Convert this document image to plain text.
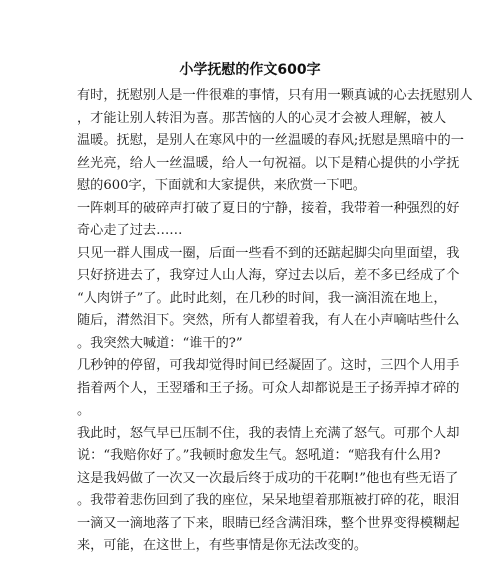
小学抚慰的作文600字
有时，抚慰别人是一件很难的事情，只有用一颗真诚的心去抚慰别人
，才能让别人转泪为喜。那苦恼的人的心灵才会被人理解，被人
温暖。抚慰，是别人在寒风中的一丝温暖的春风;抚慰是黑暗中的一
丝光亮，给人一丝温暖，给人一句祝福。以下是精心提供的小学抚
慰的600字，下面就和大家提供，来欣赏一下吧。
一阵刺耳的破碎声打破了夏日的宁静，接着，我带着一种强烈的好
奇心走了过去……
只见一群人围成一圈，后面一些看不到的还踮起脚尖向里面望，我
只好挤进去了，我穿过人山人海，穿过去以后，差不多已经成了个
“人肉饼子”了。此时此刻，在几秒的时间，我一滴泪流在地上，
随后，潸然泪下。突然，所有人都望着我，有人在小声嘀咕些什么
。我突然大喊道：“谁干的?”
几秒钟的停留，可我却觉得时间已经凝固了。这时，三四个人用手
指着两个人，王翌璠和王子扬。可众人却都说是王子扬弄掉才碎的
。
我此时，怒气早已压制不住，我的表情上充满了怒气。可那个人却
说：“我赔你好了。”我顿时愈发生气。怒吼道：“赔我有什么用?
这是我妈做了一次又一次最后终于成功的干花啊!”他也有些无语了
。我带着悲伤回到了我的座位，呆呆地望着那瓶被打碎的花，眼泪
一滴又一滴地落了下来，眼睛已经含满泪珠，整个世界变得模糊起
来，可能，在这世上，有些事情是你无法改变的。
